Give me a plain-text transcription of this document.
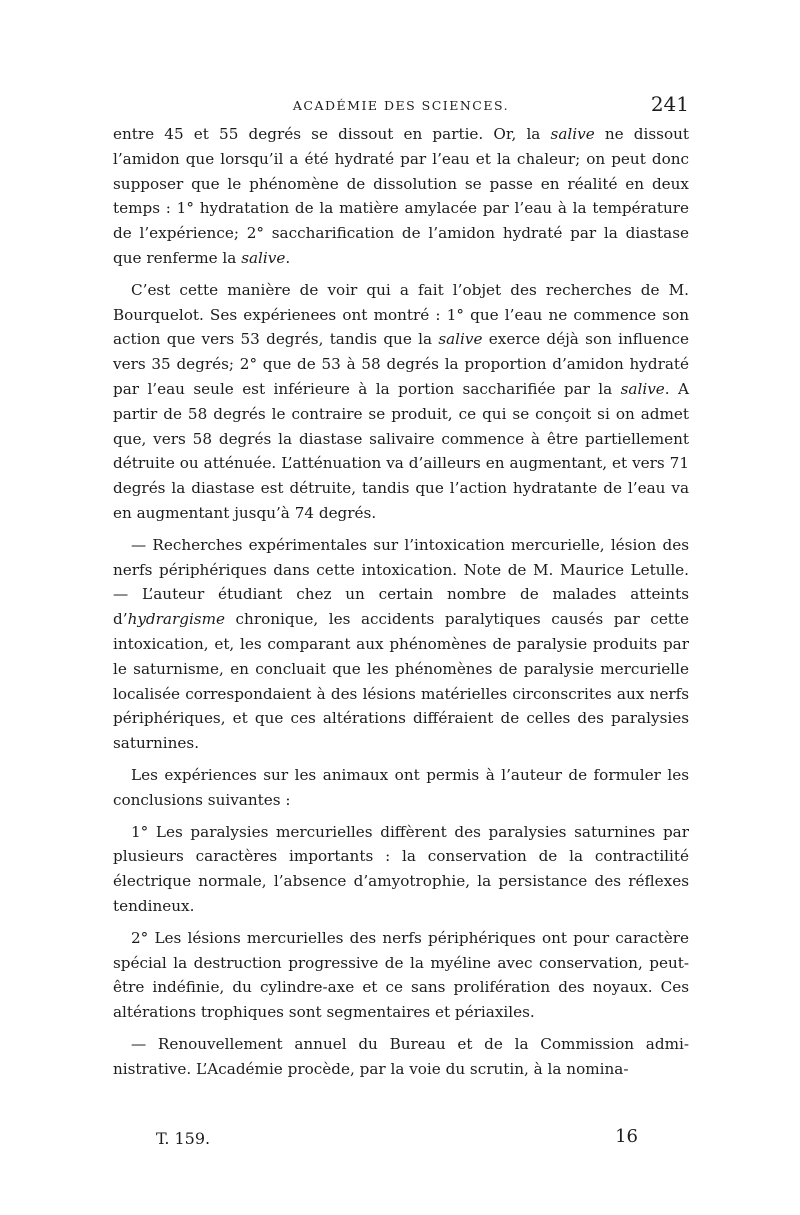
ACADÉMIE DES SCIENCES.	241

entre 45 et 55 degrés se dissout en partie. Or, la salive ne dissout l’amidon que lorsqu’il a été hydraté par l’eau et la chaleur; on peut donc supposer que le phénomène de dissolution se passe en réalité en deux temps : 1° hydratation de la matière amylacée par l’eau à la température de l’expérience; 2° saccharification de l’amidon hydraté par la diastase que renferme la salive.

C’est cette manière de voir qui a fait l’objet des recherches de M. Bourquelot. Ses expérienees ont montré : 1° que l’eau ne commence son action que vers 53 degrés, tandis que la salive exerce déjà son influence vers 35 degrés; 2° que de 53 à 58 degrés la proportion d’amidon hydraté par l’eau seule est inférieure à la portion saccharifiée par la salive. A partir de 58 degrés le contraire se produit, ce qui se conçoit si on admet que, vers 58 degrés la diastase salivaire commence à être partiellement détruite ou atténuée. L’atténuation va d’ailleurs en augmentant, et vers 71 degrés la diastase est détruite, tandis que l’action hydratante de l’eau va en augmentant jusqu’à 74 degrés.

— Recherches expérimentales sur l’intoxication mercurielle, lésion des nerfs périphériques dans cette intoxication. Note de M. Maurice Letulle. — L’auteur étudiant chez un certain nombre de malades atteints d’hydrargisme chronique, les accidents paralytiques causés par cette intoxication, et, les comparant aux phénomènes de paralysie produits par le saturnisme, en concluait que les phénomènes de paralysie mercurielle localisée correspondaient à des lésions matérielles circonscrites aux nerfs périphériques, et que ces altérations différaient de celles des paralysies saturnines.

Les expériences sur les animaux ont permis à l’auteur de formuler les conclusions suivantes :

1° Les paralysies mercurielles diffèrent des paralysies saturnines par plusieurs caractères importants : la conservation de la contractilité électrique normale, l’absence d’amyotrophie, la persistance des réflexes tendineux.

2° Les lésions mercurielles des nerfs périphériques ont pour caractère spécial la destruction progressive de la myéline avec conservation, peut-être indéfinie, du cylindre-axe et ce sans prolifération des noyaux. Ces altérations trophiques sont segmentaires et périaxiles.

— Renouvellement annuel du Bureau et de la Commission administrative. L’Académie procède, par la voie du scrutin, à la nomina-

T. 159.	16
